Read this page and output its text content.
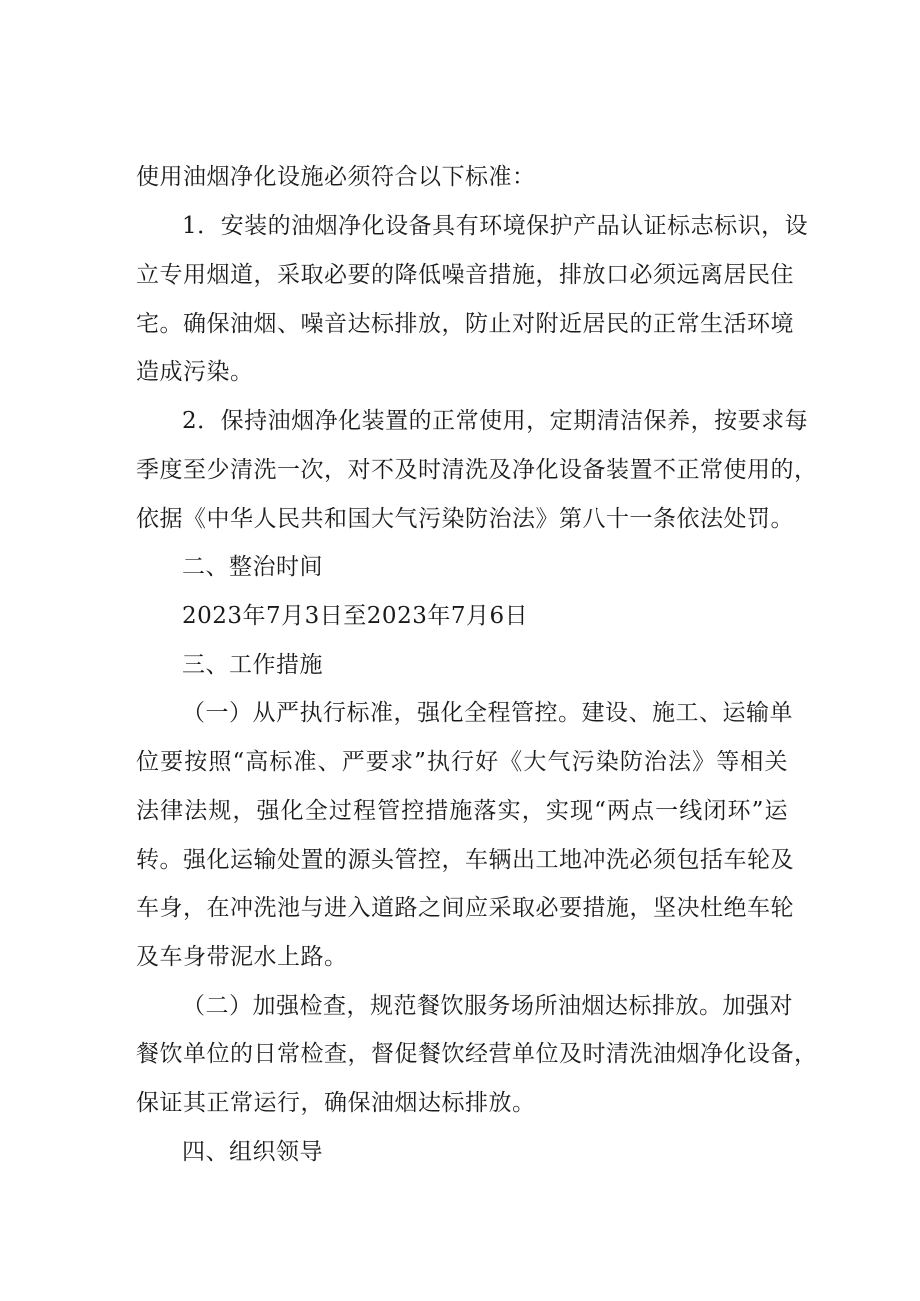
使用油烟净化设施必须符合以下标准：
1．安装的油烟净化设备具有环境保护产品认证标志标识，设
立专用烟道，采取必要的降低噪音措施，排放口必须远离居民住
宅。确保油烟、噪音达标排放，防止对附近居民的正常生活环境
造成污染。
2．保持油烟净化装置的正常使用，定期清洁保养，按要求每
季度至少清洗一次，对不及时清洗及净化设备装置不正常使用的，
依据《中华人民共和国大气污染防治法》第八十一条依法处罚。
二、整治时间
2023年7月3日至2023年7月6日
三、工作措施
（一）从严执行标准，强化全程管控。建设、施工、运输单
位要按照“高标准、严要求”执行好《大气污染防治法》等相关
法律法规，强化全过程管控措施落实，实现“两点一线闭环”运
转。强化运输处置的源头管控，车辆出工地冲洗必须包括车轮及
车身，在冲洗池与进入道路之间应采取必要措施，坚决杜绝车轮
及车身带泥水上路。
（二）加强检查，规范餐饮服务场所油烟达标排放。加强对
餐饮单位的日常检查，督促餐饮经营单位及时清洗油烟净化设备，
保证其正常运行，确保油烟达标排放。
四、组织领导
